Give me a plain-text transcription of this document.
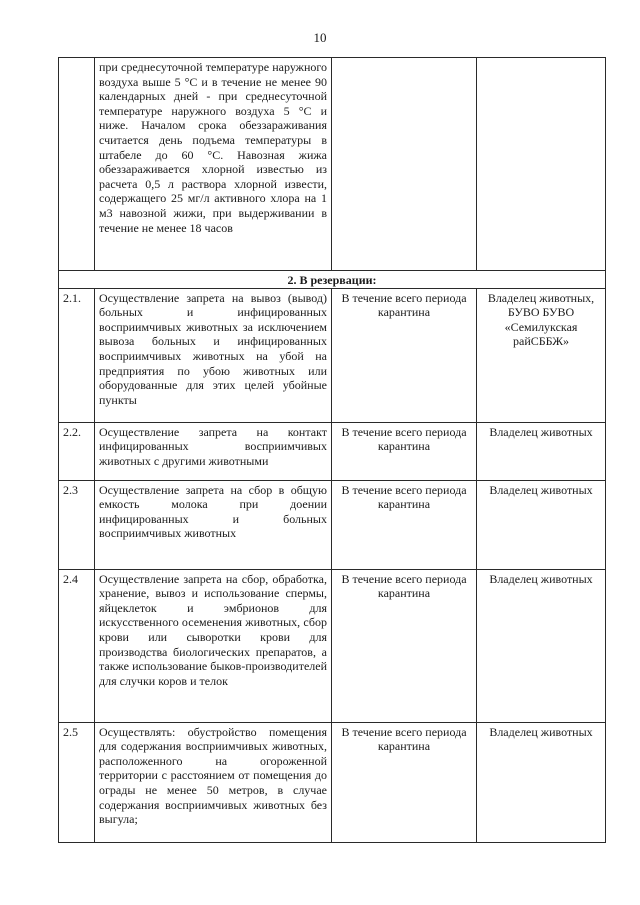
10
	при среднесуточной температуре наружного воздуха выше 5 °С и в течение не менее 90 календарных дней - при среднесуточной температуре наружного воздуха 5 °С и ниже. Началом срока обеззараживания считается день подъема температуры в штабеле до 60 °С. Навозная жижа обеззараживается хлорной известью из расчета 0,5 л раствора хлорной извести, содержащего 25 мг/л активного хлора на 1 м3 навозной жижи, при выдерживании в течение не менее 18 часов		
2. В резервации:			
2.1.	Осуществление запрета на вывоз (вывод) больных и инфицированных восприимчивых животных за исключением вывоза больных и инфицированных восприимчивых животных на убой на предприятия по убою животных или оборудованные для этих целей убойные пункты	В течение всего периода карантина	Владелец животных, БУВО БУВО «Семилукская райСББЖ»
2.2.	Осуществление запрета на контакт инфицированных восприимчивых животных с другими животными	В течение всего периода карантина	Владелец животных
2.3	Осуществление запрета на сбор в общую емкость молока при доении инфицированных и больных восприимчивых животных	В течение всего периода карантина	Владелец животных
2.4	Осуществление запрета на сбор, обработка, хранение, вывоз и использование спермы, яйцеклеток и эмбрионов для искусственного осеменения животных, сбор крови или сыворотки крови для производства биологических препаратов, а также использование быков-производителей для случки коров и телок	В течение всего периода карантина	Владелец животных
2.5	Осуществлять: обустройство помещения для содержания восприимчивых животных, расположенного на огороженной территории с расстоянием от помещения до ограды не менее 50 метров, в случае содержания восприимчивых животных без выгула;	В течение всего периода карантина	Владелец животных
